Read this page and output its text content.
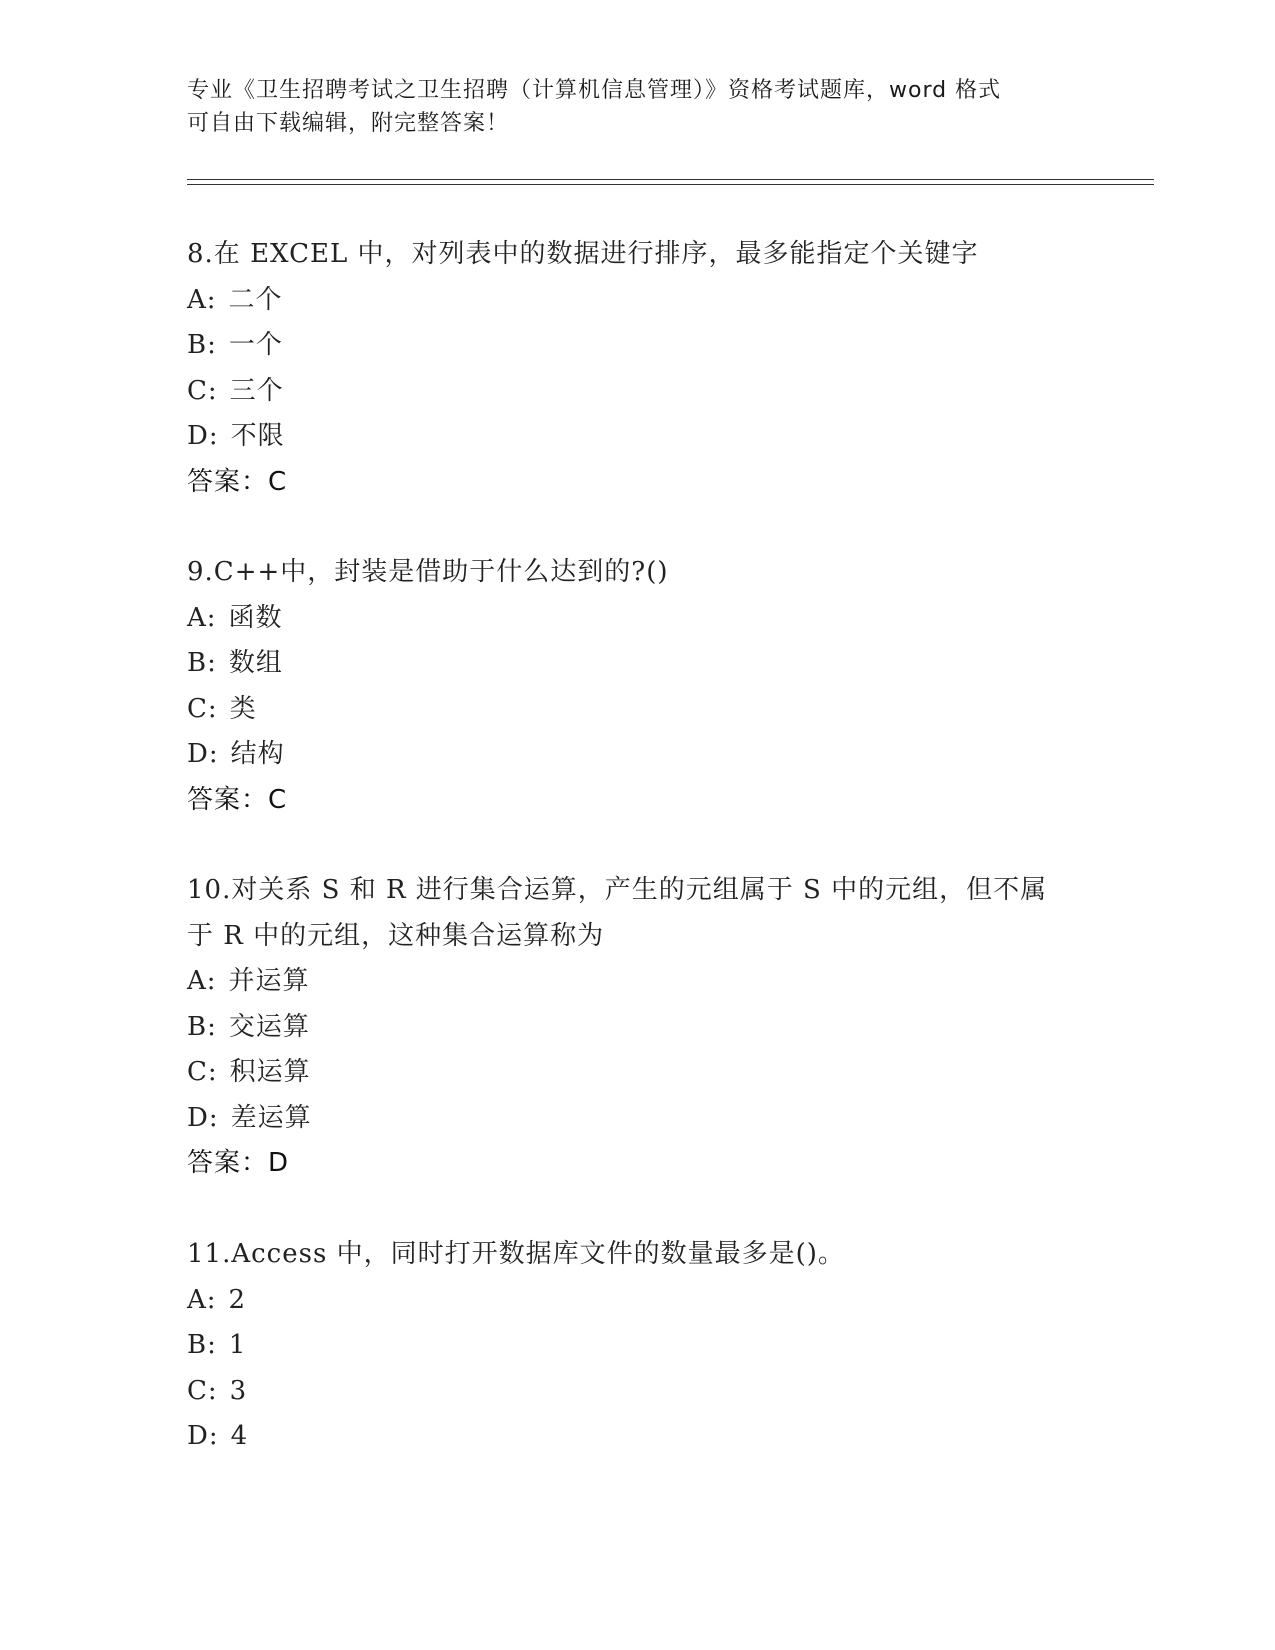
专业《卫生招聘考试之卫生招聘（计算机信息管理）》资格考试题库，word 格式
可自由下载编辑，附完整答案！
8.在 EXCEL 中，对列表中的数据进行排序，最多能指定个关键字
A: 二个
B: 一个
C: 三个
D: 不限
答案：C
9.C++中，封装是借助于什么达到的?()
A: 函数
B: 数组
C: 类
D: 结构
答案：C
10.对关系 S 和 R 进行集合运算，产生的元组属于 S 中的元组，但不属
于 R 中的元组，这种集合运算称为
A: 并运算
B: 交运算
C: 积运算
D: 差运算
答案：D
11.Access 中，同时打开数据库文件的数量最多是()。
A: 2
B: 1
C: 3
D: 4
